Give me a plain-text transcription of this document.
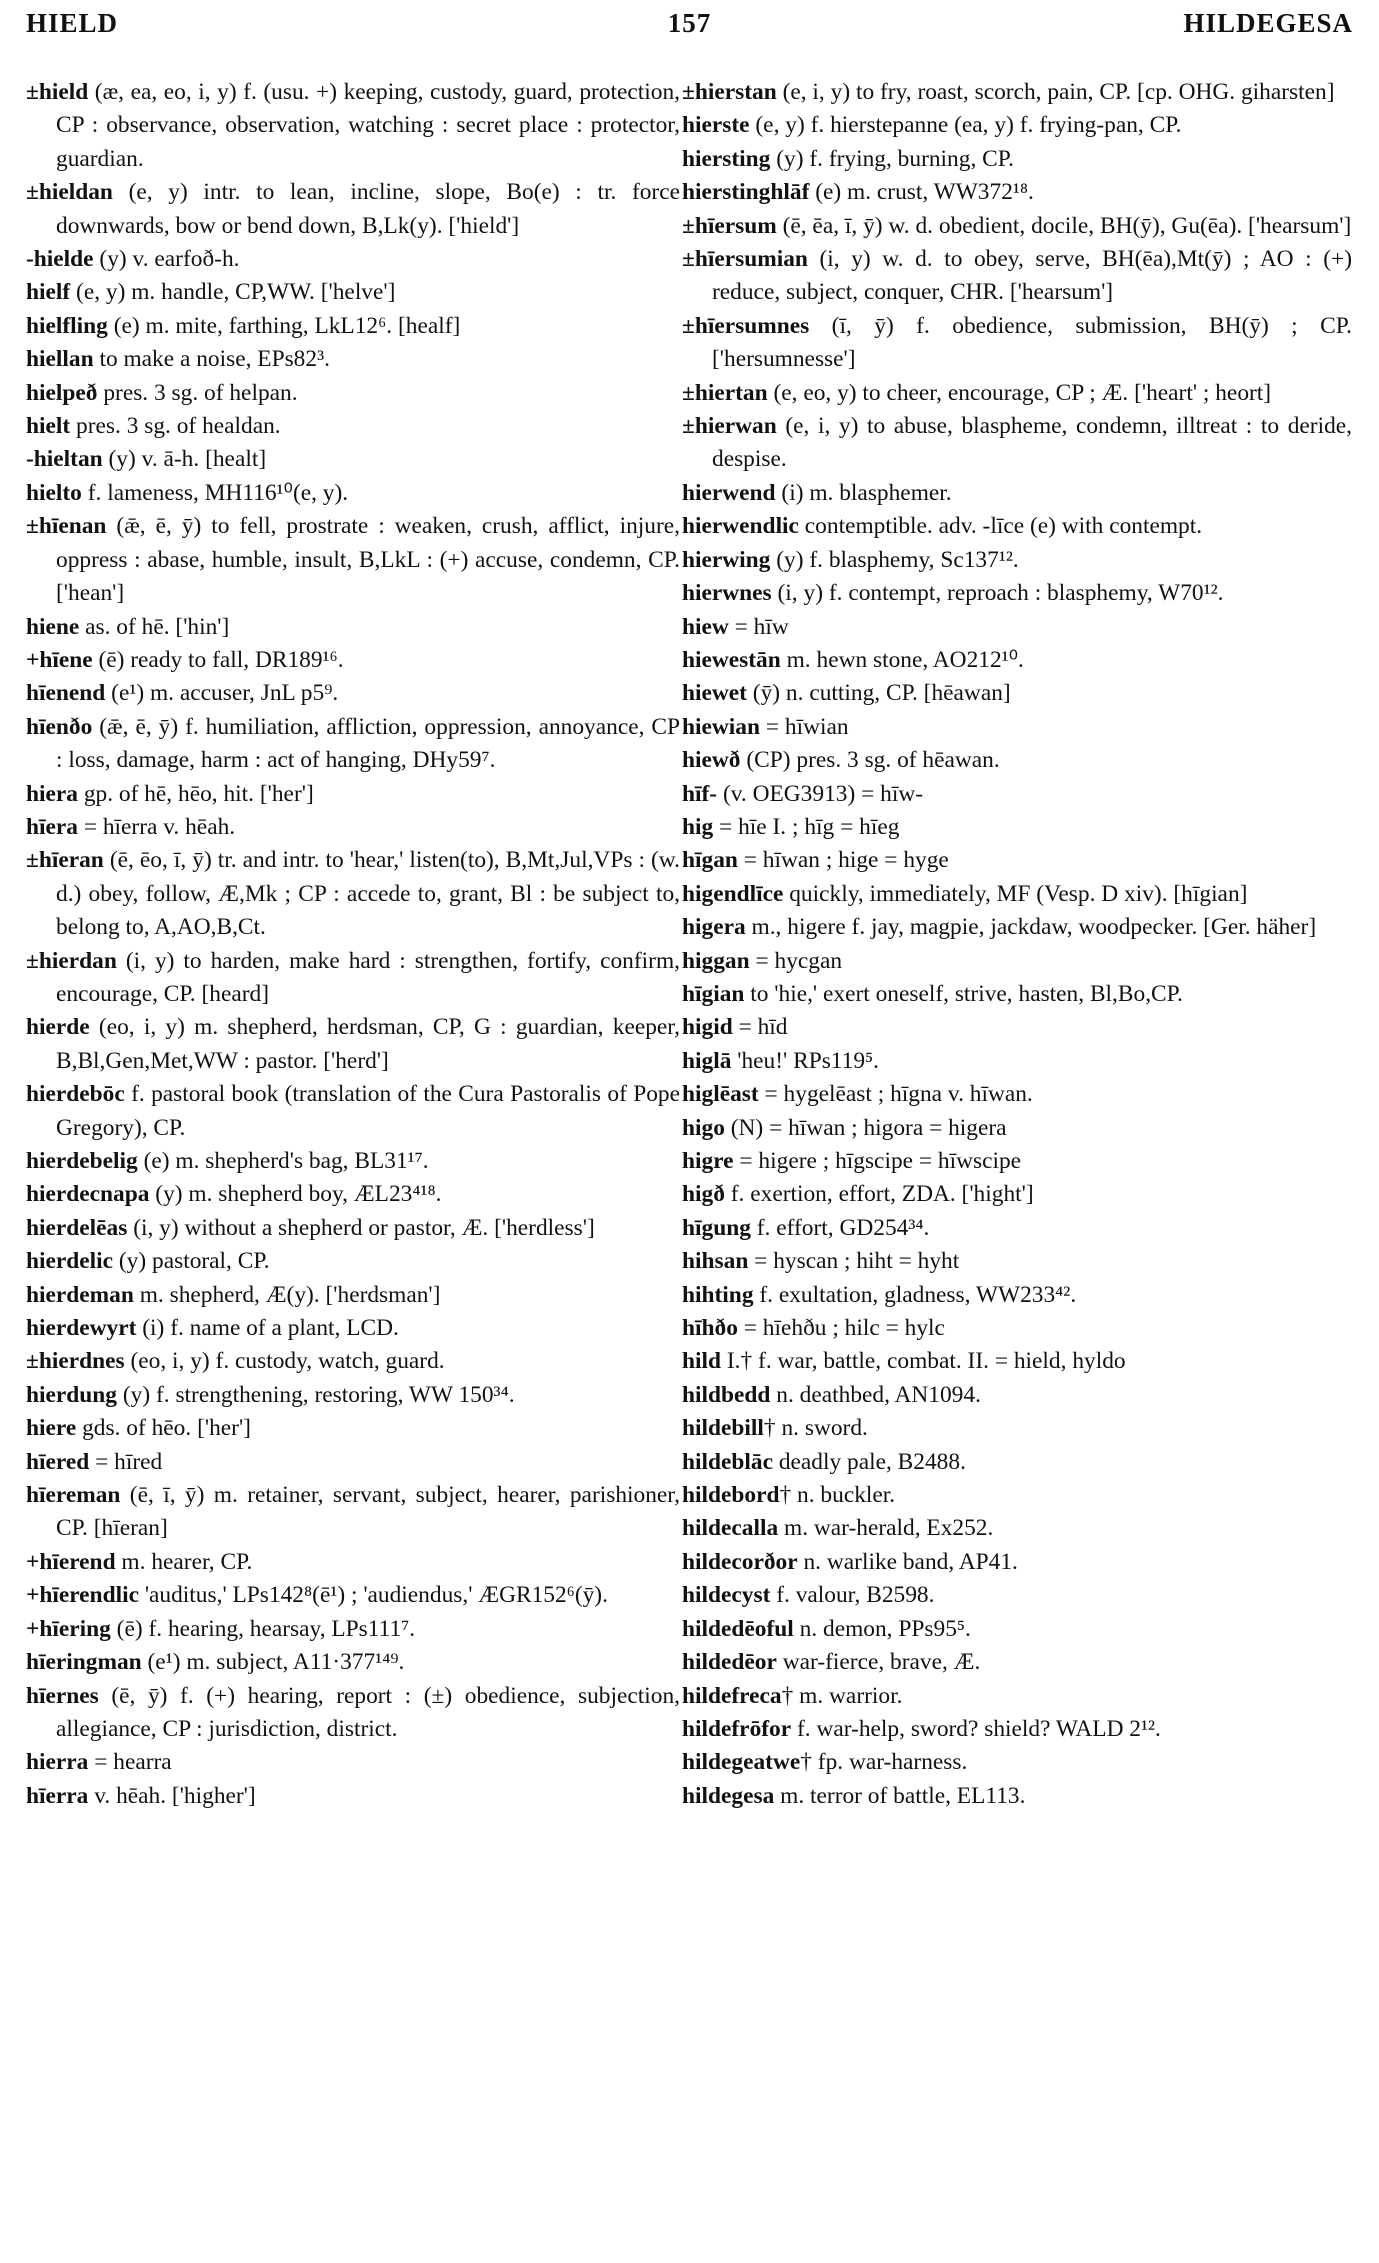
157
HIELD	HILDEGESA
±hield (æ, ea, eo, i, y) f. (usu. +) keeping, custody, guard, protection, CP : observance, observation, watching : secret place : protector, guardian.
±hieldan (e, y) intr. to lean, incline, slope, Bo(e) : tr. force downwards, bow or bend down, B,Lk(y). ['hield']
-hielde (y) v. earfoð-h.
hielf (e, y) m. handle, CP,WW. ['helve']
hielfling (e) m. mite, farthing, LkL12⁶. [healf]
hiellan to make a noise, EPs82³.
hielpeð pres. 3 sg. of helpan.
hielt pres. 3 sg. of healdan.
-hieltan (y) v. ā-h. [healt]
hielto f. lameness, MH116¹⁰(e, y).
±hīenan (ǣ, ē, ȳ) to fell, prostrate : weaken, crush, afflict, injure, oppress : abase, humble, insult, B,LkL : (+) accuse, condemn, CP. ['hean']
hiene as. of hē. ['hin']
+hīene (ē) ready to fall, DR189¹⁶.
hīenend (e¹) m. accuser, JnL p5⁹.
hīenðo (ǣ, ē, ȳ) f. humiliation, affliction, oppression, annoyance, CP : loss, damage, harm : act of hanging, DHy59⁷.
hiera gp. of hē, hēo, hit. ['her']
hīera = hīerra v. hēah.
±hīeran (ē, ēo, ī, ȳ) tr. and intr. to 'hear,' listen(to), B,Mt,Jul,VPs : (w. d.) obey, follow, Æ,Mk ; CP : accede to, grant, Bl : be subject to, belong to, A,AO,B,Ct.
±hierdan (i, y) to harden, make hard : strengthen, fortify, confirm, encourage, CP. [heard]
hierde (eo, i, y) m. shepherd, herdsman, CP, G : guardian, keeper, B,Bl,Gen,Met,WW : pastor. ['herd']
hierdebōc f. pastoral book (translation of the Cura Pastoralis of Pope Gregory), CP.
hierdebelig (e) m. shepherd's bag, BL31¹⁷.
hierdecnapa (y) m. shepherd boy, ÆL23⁴¹⁸.
hierdelēas (i, y) without a shepherd or pastor, Æ. ['herdless']
hierdelic (y) pastoral, CP.
hierdeman m. shepherd, Æ(y). ['herdsman']
hierdewyrt (i) f. name of a plant, LCD.
±hierdnes (eo, i, y) f. custody, watch, guard.
hierdung (y) f. strengthening, restoring, WW 150³⁴.
hiere gds. of hēo. ['her']
hīered = hīred
hīereman (ē, ī, ȳ) m. retainer, servant, subject, hearer, parishioner, CP. [hīeran]
+hīerend m. hearer, CP.
+hīerendlic 'auditus,' LPs142⁸(ē¹) ; 'audiendus,' ÆGR152⁶(ȳ).
+hīering (ē) f. hearing, hearsay, LPs111⁷.
hīeringman (e¹) m. subject, A11·377¹⁴⁹.
hīernes (ē, ȳ) f. (+) hearing, report : (±) obedience, subjection, allegiance, CP : jurisdiction, district.
hierra = hearra
hīerra v. hēah. ['higher']
±hierstan (e, i, y) to fry, roast, scorch, pain, CP. [cp. OHG. giharsten]
hierste (e, y) f. hierstepanne (ea, y) f. frying-pan, CP.
hiersting (y) f. frying, burning, CP.
hierstinghlāf (e) m. crust, WW372¹⁸.
±hīersum (ē, ēa, ī, ȳ) w. d. obedient, docile, BH(ȳ), Gu(ēa). ['hearsum']
±hīersumian (i, y) w. d. to obey, serve, BH(ēa),Mt(ȳ) ; AO : (+) reduce, subject, conquer, CHR. ['hearsum']
±hīersumnes (ī, ȳ) f. obedience, submission, BH(ȳ) ; CP. ['hersumnesse']
±hiertan (e, eo, y) to cheer, encourage, CP ; Æ. ['heart' ; heort]
±hierwan (e, i, y) to abuse, blaspheme, condemn, illtreat : to deride, despise.
hierwend (i) m. blasphemer.
hierwendlic contemptible. adv. -līce (e) with contempt.
hierwing (y) f. blasphemy, Sc137¹².
hierwnes (i, y) f. contempt, reproach : blasphemy, W70¹².
hiew = hīw
hiewestān m. hewn stone, AO212¹⁰.
hiewet (ȳ) n. cutting, CP. [hēawan]
hiewian = hīwian
hiewð (CP) pres. 3 sg. of hēawan.
hīf- (v. OEG3913) = hīw-
hig = hīe I. ; hīg = hīeg
hīgan = hīwan ; hige = hyge
higendlīce quickly, immediately, MF (Vesp. D xiv). [hīgian]
higera m., higere f. jay, magpie, jackdaw, woodpecker. [Ger. häher]
higgan = hycgan
hīgian to 'hie,' exert oneself, strive, hasten, Bl,Bo,CP.
higid = hīd
higlā 'heu!' RPs119⁵.
higlēast = hygelēast ; hīgna v. hīwan.
higo (N) = hīwan ; higora = higera
higre = higere ; hīgscipe = hīwscipe
higð f. exertion, effort, ZDA. ['hight']
hīgung f. effort, GD254³⁴.
hihsan = hyscan ; hiht = hyht
hihting f. exultation, gladness, WW233⁴².
hīhðo = hīehðu ; hilc = hylc
hild I.† f. war, battle, combat. II. = hield, hyldo
hildbedd n. deathbed, AN1094.
hildebill† n. sword.
hildeblāc deadly pale, B2488.
hildebord† n. buckler.
hildecalla m. war-herald, Ex252.
hildecorðor n. warlike band, AP41.
hildecyst f. valour, B2598.
hildedēoful n. demon, PPs95⁵.
hildedēor war-fierce, brave, Æ.
hildefreca† m. warrior.
hildefrōfor f. war-help, sword? shield? WALD 2¹².
hildegeatwe† fp. war-harness.
hildegesa m. terror of battle, EL113.
